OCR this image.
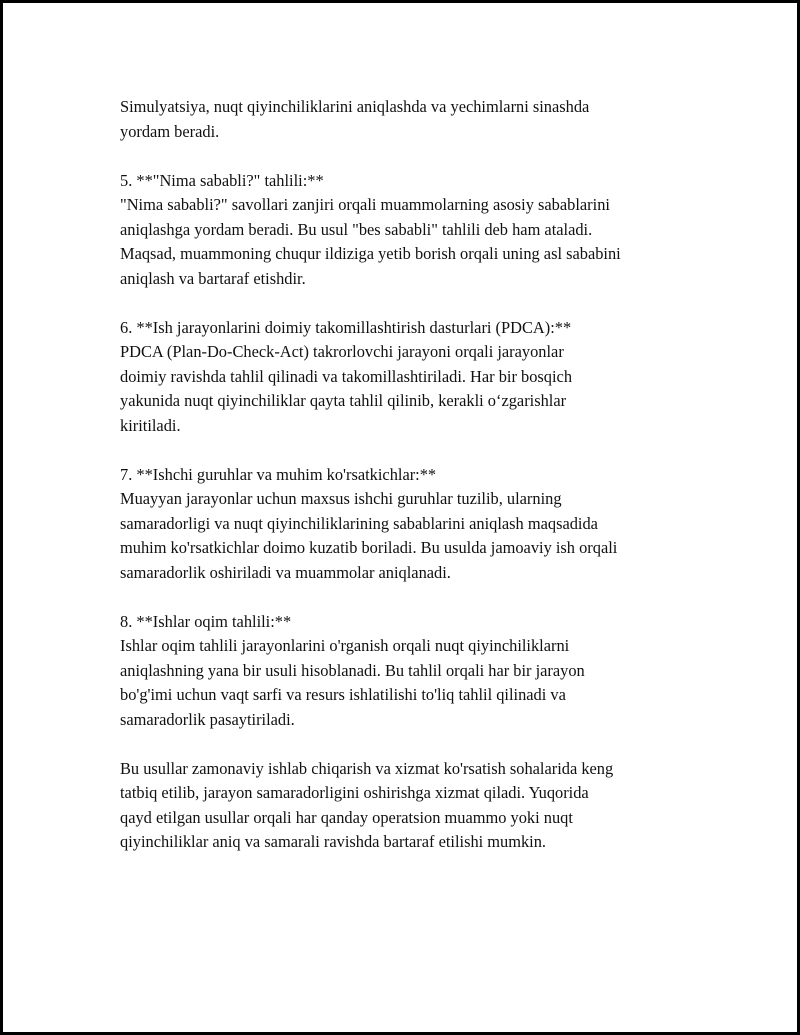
Simulyatsiya, nuqt qiyinchiliklarini aniqlashda va yechimlarni sinashda
yordam beradi.

5. **"Nima sababli?" tahlili:**
"Nima sababli?" savollari zanjiri orqali muammolarning asosiy sabablarini
aniqlashga yordam beradi. Bu usul "bes sababli" tahlili deb ham ataladi.
Maqsad, muammoning chuqur ildiziga yetib borish orqali uning asl sababini
aniqlash va bartaraf etishdir.

6. **Ish jarayonlarini doimiy takomillashtirish dasturlari (PDCA):**
PDCA (Plan-Do-Check-Act) takrorlovchi jarayoni orqali jarayonlar
doimiy ravishda tahlil qilinadi va takomillashtiriladi. Har bir bosqich
yakunida nuqt qiyinchiliklar qayta tahlil qilinib, kerakli o‘zgarishlar
kiritiladi.

7. **Ishchi guruhlar va muhim ko'rsatkichlar:**
Muayyan jarayonlar uchun maxsus ishchi guruhlar tuzilib, ularning
samaradorligi va nuqt qiyinchiliklarining sabablarini aniqlash maqsadida
muhim ko'rsatkichlar doimo kuzatib boriladi. Bu usulda jamoaviy ish orqali
samaradorlik oshiriladi va muammolar aniqlanadi.

8. **Ishlar oqim tahlili:**
Ishlar oqim tahlili jarayonlarini o'rganish orqali nuqt qiyinchiliklarni
aniqlashning yana bir usuli hisoblanadi. Bu tahlil orqali har bir jarayon
bo'g'imi uchun vaqt sarfi va resurs ishlatilishi to'liq tahlil qilinadi va
samaradorlik pasaytiriladi.

Bu usullar zamonaviy ishlab chiqarish va xizmat ko'rsatish sohalarida keng
tatbiq etilib, jarayon samaradorligini oshirishga xizmat qiladi. Yuqorida
qayd etilgan usullar orqali har qanday operatsion muammo yoki nuqt
qiyinchiliklar aniq va samarali ravishda bartaraf etilishi mumkin.
